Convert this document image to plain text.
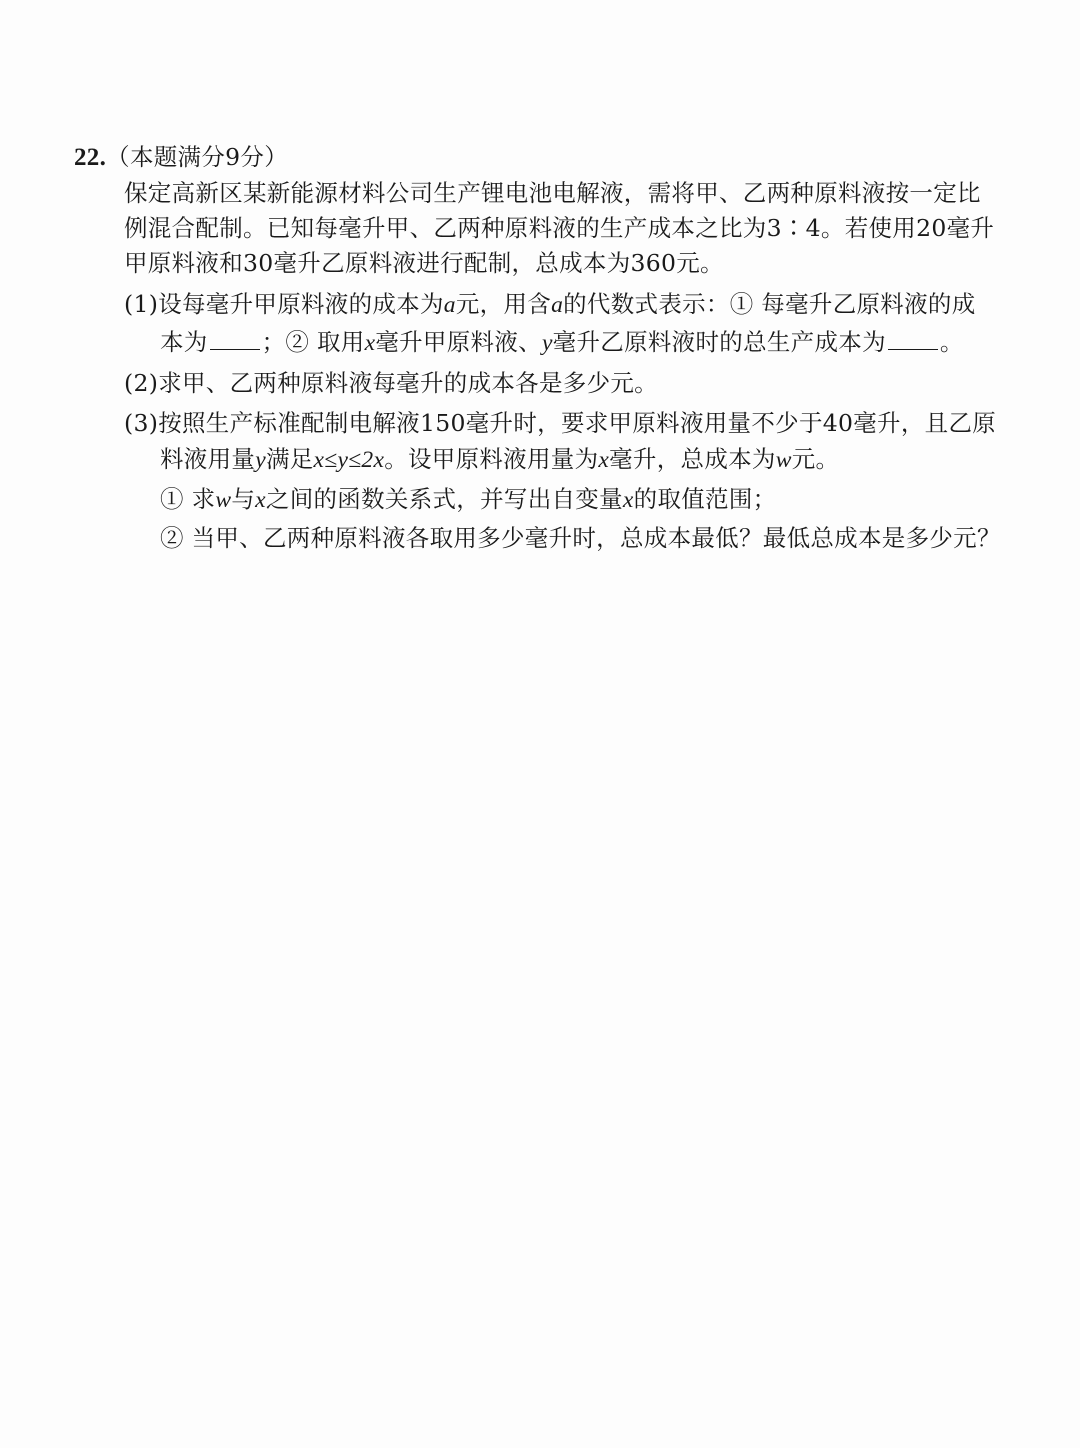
22.（本题满分9分）
保定高新区某新能源材料公司生产锂电池电解液，需将甲、乙两种原料液按一定比
例混合配制。已知每毫升甲、乙两种原料液的生产成本之比为3∶4。若使用20毫升
甲原料液和30毫升乙原料液进行配制，总成本为360元。
(1)设每毫升甲原料液的成本为a元，用含a的代数式表示：① 每毫升乙原料液的成
本为 ；② 取用x毫升甲原料液、y毫升乙原料液时的总生产成本为 。
(2)求甲、乙两种原料液每毫升的成本各是多少元。
(3)按照生产标准配制电解液150毫升时，要求甲原料液用量不少于40毫升，且乙原
料液用量y满足x≤y≤2x。设甲原料液用量为x毫升，总成本为w元。
① 求w与x之间的函数关系式，并写出自变量x的取值范围；
② 当甲、乙两种原料液各取用多少毫升时，总成本最低？最低总成本是多少元？
